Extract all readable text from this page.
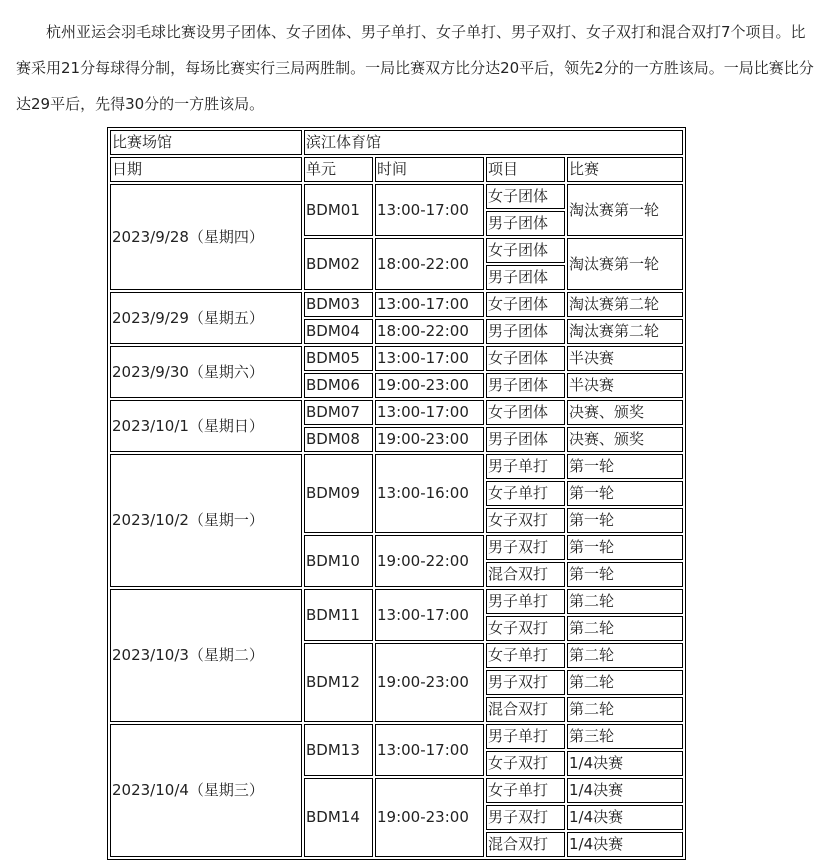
杭州亚运会羽毛球比赛设男子团体、女子团体、男子单打、女子单打、男子双打、女子双打和混合双打7个项目。比赛采用21分每球得分制，每场比赛实行三局两胜制。一局比赛双方比分达20平后，领先2分的一方胜该局。一局比赛比分达29平后，先得30分的一方胜该局。

比赛场馆	滨江体育馆			
日期	单元	时间	项目	比赛
2023/9/28（星期四）	BDM01	13:00-17:00	女子团体	淘汰赛第一轮
			男子团体	
	BDM02	18:00-22:00	女子团体	淘汰赛第一轮
			男子团体	
2023/9/29（星期五）	BDM03	13:00-17:00	女子团体	淘汰赛第二轮
	BDM04	18:00-22:00	男子团体	淘汰赛第二轮
2023/9/30（星期六）	BDM05	13:00-17:00	女子团体	半决赛
	BDM06	19:00-23:00	男子团体	半决赛
2023/10/1（星期日）	BDM07	13:00-17:00	女子团体	决赛、颁奖
	BDM08	19:00-23:00	男子团体	决赛、颁奖
2023/10/2（星期一）	BDM09	13:00-16:00	男子单打	第一轮
			女子单打	第一轮
			女子双打	第一轮
	BDM10	19:00-22:00	男子双打	第一轮
			混合双打	第一轮
2023/10/3（星期二）	BDM11	13:00-17:00	男子单打	第二轮
			女子双打	第二轮
	BDM12	19:00-23:00	女子单打	第二轮
			男子双打	第二轮
			混合双打	第二轮
2023/10/4（星期三）	BDM13	13:00-17:00	男子单打	第三轮
			女子双打	1/4决赛
	BDM14	19:00-23:00	女子单打	1/4决赛
			男子双打	1/4决赛
			混合双打	1/4决赛
